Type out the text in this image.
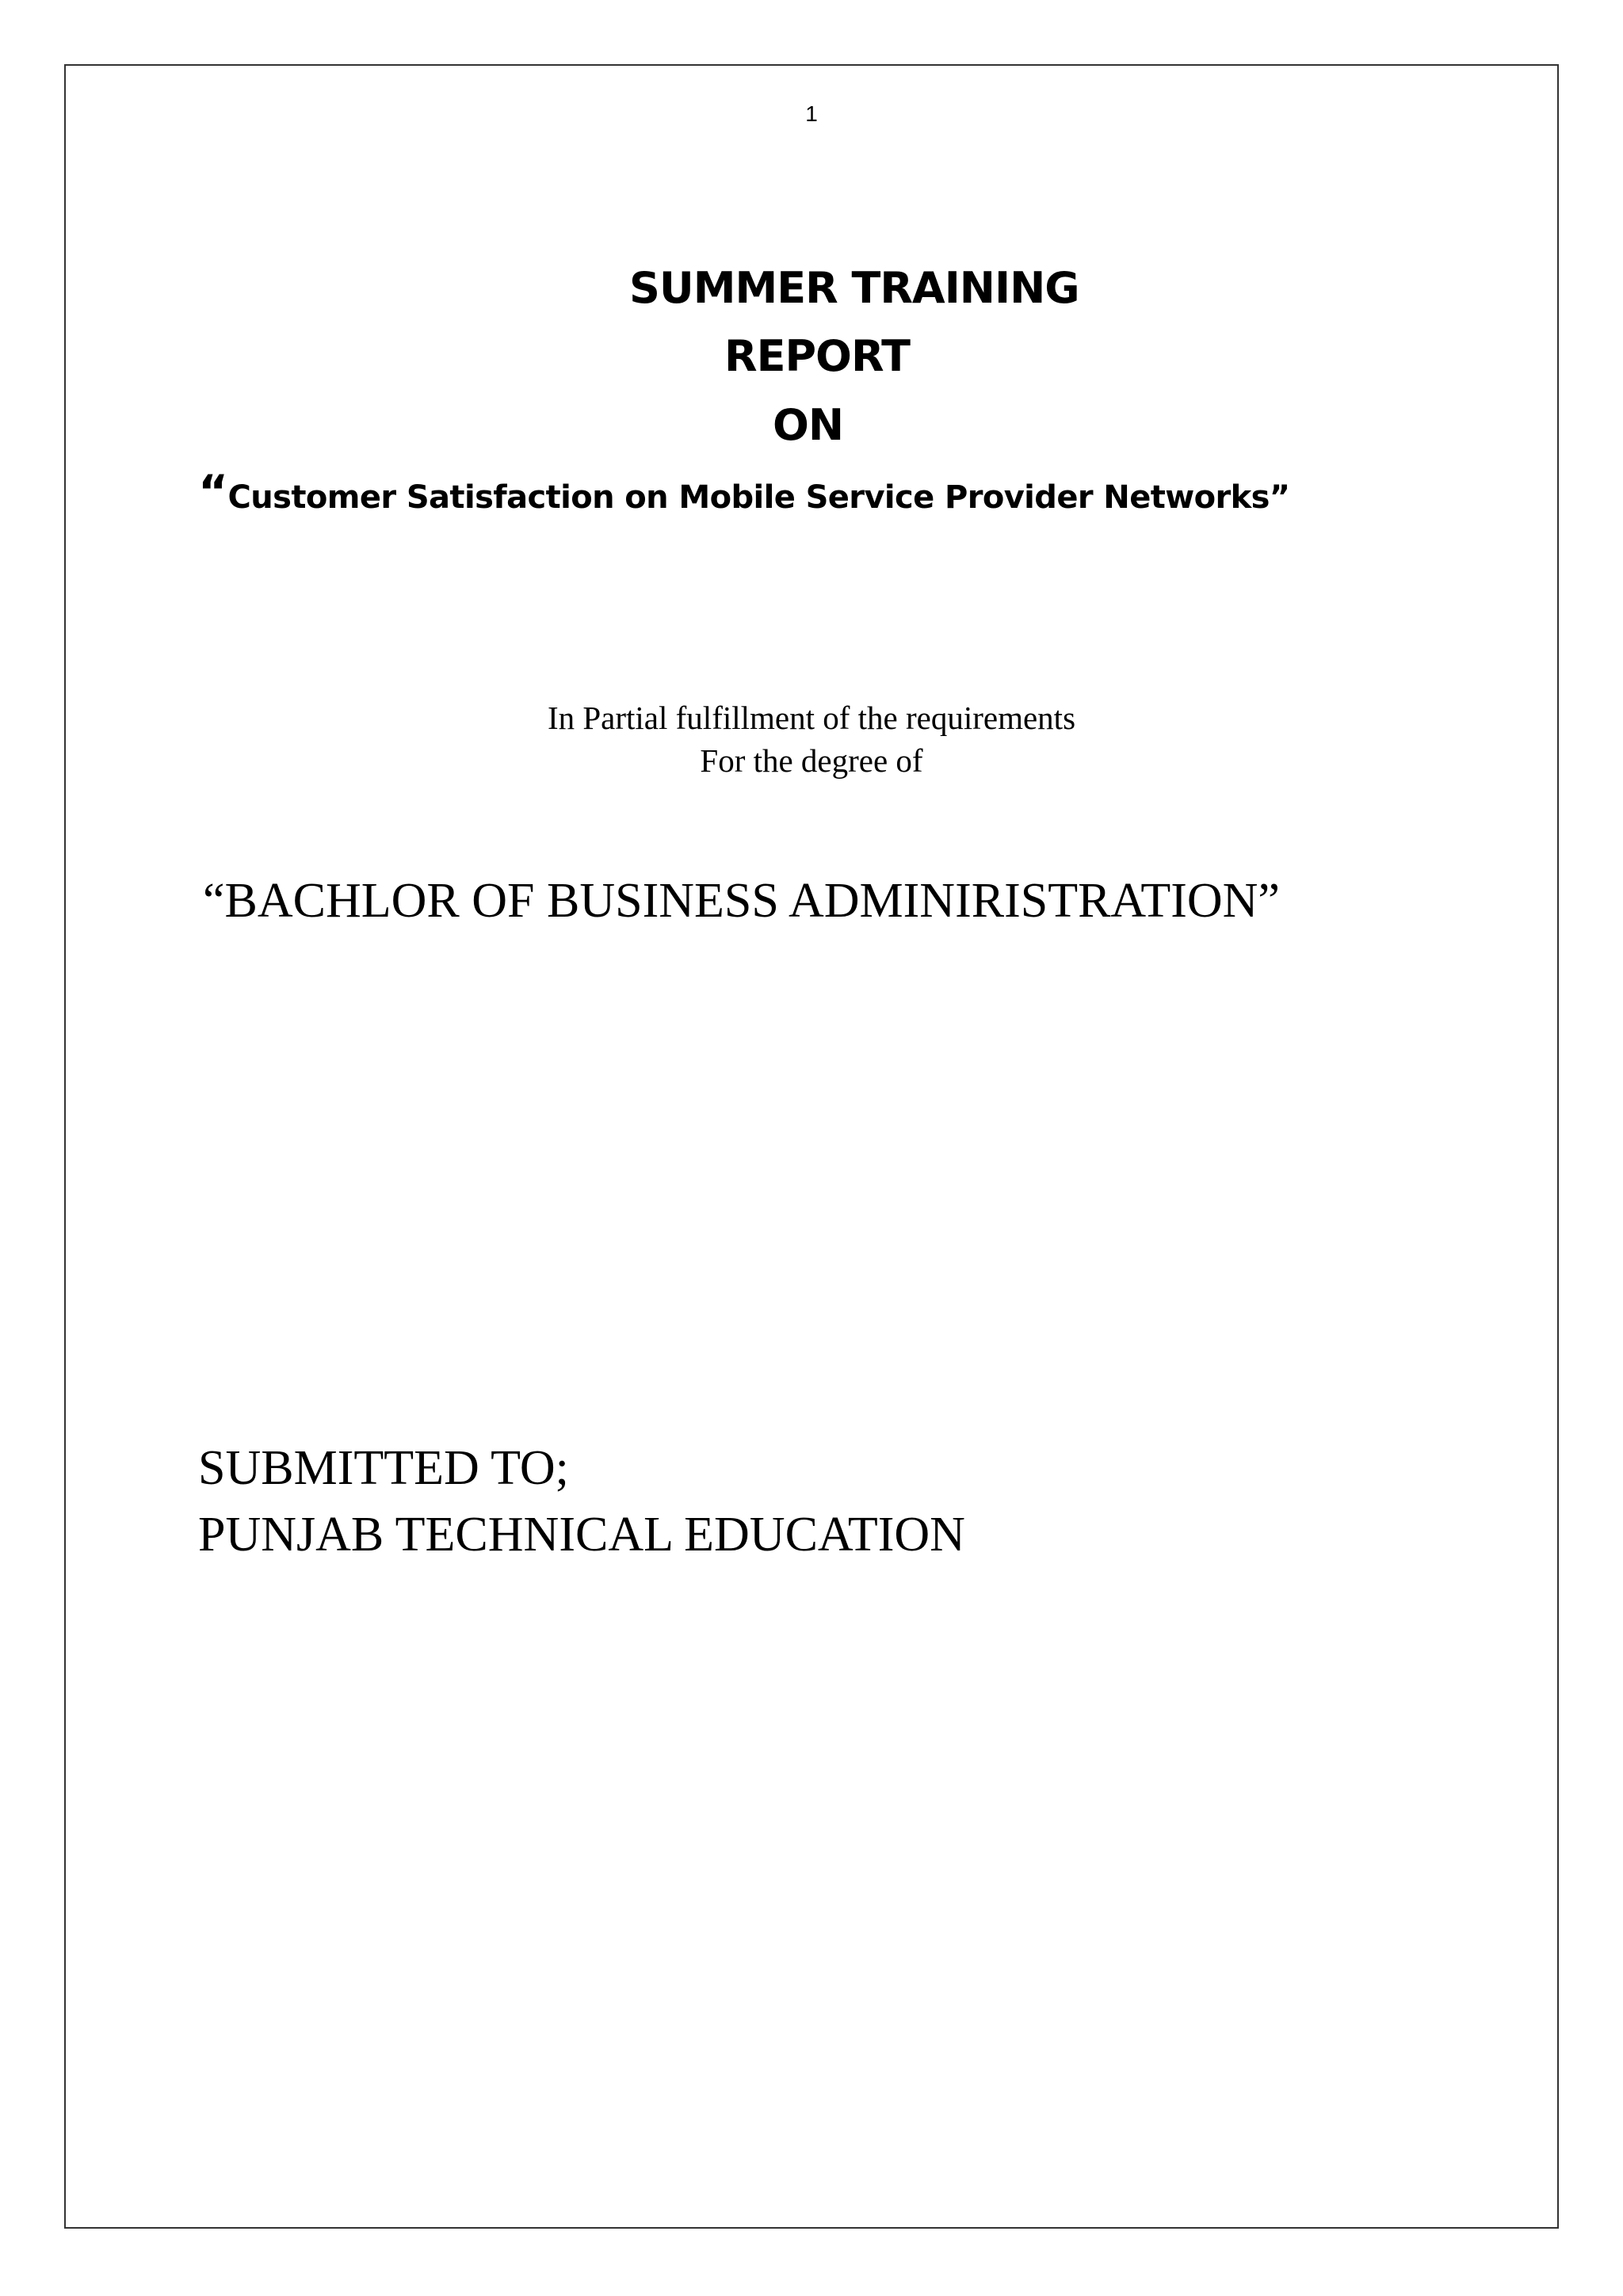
1
SUMMER TRAINING
REPORT
ON
“Customer Satisfaction on Mobile Service Provider Networks”
In Partial fulfillment of the requirements
For the degree of
“BACHLOR OF BUSINESS ADMINIRISTRATION”
SUBMITTED TO;
PUNJAB TECHNICAL EDUCATION
